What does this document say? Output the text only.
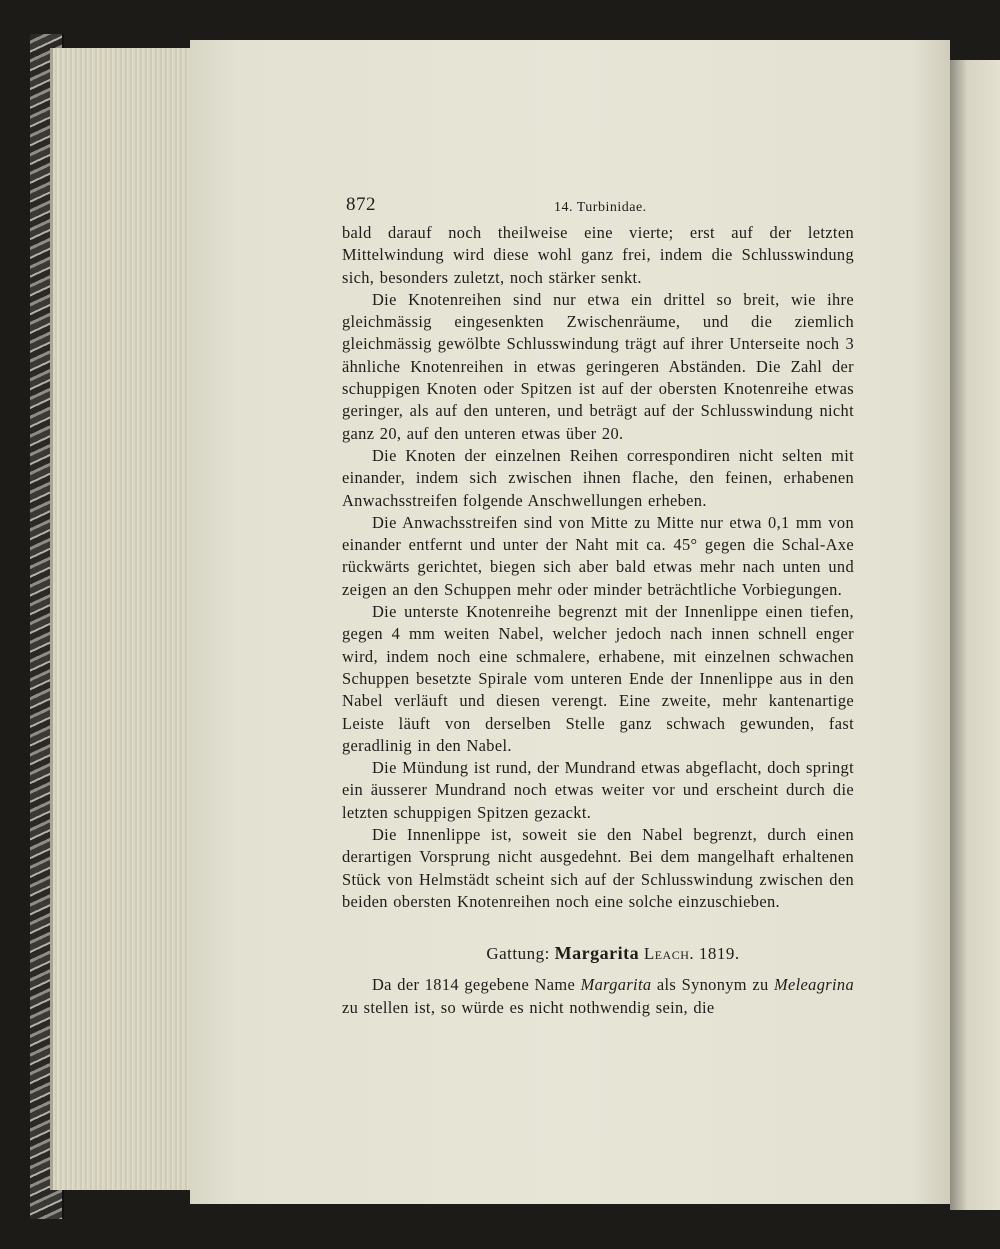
872	14. Turbinidae.

bald darauf noch theilweise eine vierte; erst auf der letzten Mittelwindung wird diese wohl ganz frei, indem die Schlusswindung sich, besonders zuletzt, noch stärker senkt.

Die Knotenreihen sind nur etwa ein drittel so breit, wie ihre gleichmässig eingesenkten Zwischenräume, und die ziemlich gleichmässig gewölbte Schlusswindung trägt auf ihrer Unterseite noch 3 ähnliche Knotenreihen in etwas geringeren Abständen. Die Zahl der schuppigen Knoten oder Spitzen ist auf der obersten Knotenreihe etwas geringer, als auf den unteren, und beträgt auf der Schlusswindung nicht ganz 20, auf den unteren etwas über 20.

Die Knoten der einzelnen Reihen correspondiren nicht selten mit einander, indem sich zwischen ihnen flache, den feinen, erhabenen Anwachsstreifen folgende Anschwellungen erheben.

Die Anwachsstreifen sind von Mitte zu Mitte nur etwa 0,1 mm von einander entfernt und unter der Naht mit ca. 45° gegen die Schal-Axe rückwärts gerichtet, biegen sich aber bald etwas mehr nach unten und zeigen an den Schuppen mehr oder minder beträchtliche Vorbiegungen.

Die unterste Knotenreihe begrenzt mit der Innenlippe einen tiefen, gegen 4 mm weiten Nabel, welcher jedoch nach innen schnell enger wird, indem noch eine schmalere, erhabene, mit einzelnen schwachen Schuppen besetzte Spirale vom unteren Ende der Innenlippe aus in den Nabel verläuft und diesen verengt. Eine zweite, mehr kantenartige Leiste läuft von derselben Stelle ganz schwach gewunden, fast geradlinig in den Nabel.

Die Mündung ist rund, der Mundrand etwas abgeflacht, doch springt ein äusserer Mundrand noch etwas weiter vor und erscheint durch die letzten schuppigen Spitzen gezackt.

Die Innenlippe ist, soweit sie den Nabel begrenzt, durch einen derartigen Vorsprung nicht ausgedehnt. Bei dem mangelhaft erhaltenen Stück von Helmstädt scheint sich auf der Schlusswindung zwischen den beiden obersten Knotenreihen noch eine solche einzuschieben.

Gattung: Margarita Leach. 1819.

Da der 1814 gegebene Name Margarita als Synonym zu Meleagrina zu stellen ist, so würde es nicht nothwendig sein, die
